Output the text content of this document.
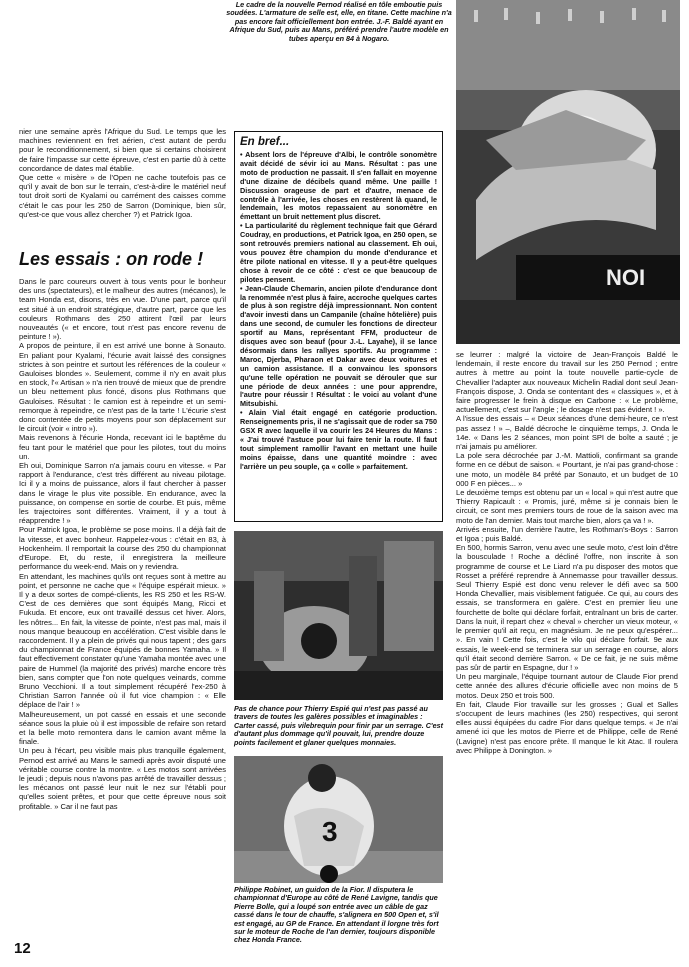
Le cadre de la nouvelle Pernod réalisé en tôle emboutie puis soudées. L'armature de selle est, elle, en titane. Cette machine n'a pas encore fait officiellement bon entrée. J.-F. Baldé ayant en Afrique du Sud, puis au Mans, préféré prendre l'autre modèle en tubes aperçu en 84 à Nogaro.
NOI

nier une semaine après l'Afrique du Sud. Le temps que les machines reviennent en fret aérien, c'est autant de perdu pour le reconditionnement, si bien que si certains choisirent de faire l'impasse sur cette épreuve, c'est en partie dû à cette concordance de dates mal établie.

Que cette « misère » de l'Open ne cache toutefois pas ce qu'il y avait de bon sur le terrain, c'est-à-dire le matériel neuf tout droit sorti de Kyalami ou carrément des caisses comme c'était le cas pour les 250 de Sarron (Dominique, bien sûr, qu'est-ce que vous allez chercher ?) et Patrick Igoa.

Les essais : on rode !

Dans le parc coureurs ouvert à tous vents pour le bonheur des uns (spectateurs), et le malheur des autres (mécanos), le team Honda est, disons, très en vue. D'une part, parce qu'il est situé à un endroit stratégique, d'autre part, parce que les couleurs Rothmans des 250 attirent l'œil par leurs nouveautés (« et encore, tout n'est pas encore revenu de peinture ! »).

A propos de peinture, il en est arrivé une bonne à Sonauto. En paliant pour Kyalami, l'écurie avait laissé des consignes strictes à son peintre et surtout les références de la couleur « Gauloises blondes ». Seulement, comme il n'y en avait plus en stock, l'« Artisan » n'a rien trouvé de mieux que de prendre un bleu nettement plus foncé, disons plus Rothmans que Gauloises. Résultat : le camion est à repeindre et un semi-remorque à repeindre, ce n'est pas de la tarte ! L'écurie s'est donc contentée de petits moyens pour son déplacement sur le circuit (voir « intro »).

Mais revenons à l'écurie Honda, recevant ici le baptême du feu tant pour le matériel que pour les pilotes, tout du moins un.

Eh oui, Dominique Sarron n'a jamais couru en vitesse. « Par rapport à l'endurance, c'est très différent au niveau pilotage. Ici il y a moins de puissance, alors il faut chercher à passer dans le virage le plus vite possible. En endurance, avec la puissance, on compense en sortie de courbe. Et puis, même les trajectoires sont différentes. Vraiment, il y a tout à réapprendre ! »

Pour Patrick Igoa, le problème se pose moins. Il a déjà fait de la vitesse, et avec bonheur. Rappelez-vous : c'était en 83, à Hockenheim. Il remportait la course des 250 du championnat d'Europe. Et, du reste, il enregistrera la meilleure performance du week-end. Mais on y reviendra.

En attendant, les machines qu'ils ont reçues sont à mettre au point, et personne ne cache que « l'équipe espérait mieux. » Il y a deux sortes de compé-clients, les RS 250 et les RS-W. C'est de ces dernières que sont équipés Mang, Ricci et Fukuda. Et encore, eux ont travaillé dessus cet hiver. Alors, les nôtres... En fait, la vitesse de pointe, n'est pas mal, mais il nous manque beaucoup en accélération. C'est visible dans le raccordement. Il y a plein de privés qui nous tapent ; des gars du championnat de France équipés de bonnes Yamaha. » Il faut effectivement constater qu'une Yamaha montée avec une paire de Hummel (la majorité des privés) marche encore très bien, sans compter que l'on note quelques veinards, comme Bruno Vecchioni. Il a tout simplement récupéré l'ex-250 à Christian Sarron l'année où il fut vice champion : « Elle déplace de l'air ! »

Malheureusement, un pot cassé en essais et une seconde séance sous la pluie où il est impossible de refaire son retard et la belle moto remontera dans le camion avant même la finale.

Un peu à l'écart, peu visible mais plus tranquille également, Pernod est arrivé au Mans le samedi après avoir disputé une véritable course contre la montre. « Les motos sont arrivées le jeudi ; depuis nous n'avons pas arrêté de travailler dessus ; les mécanos ont passé leur nuit le nez sur l'établi pour qu'elles soient prêtes, et pour que cette épreuve nous soit profitable. » Car il ne faut pas

En bref...

• Absent lors de l'épreuve d'Albi, le contrôle sonomètre avait décidé de sévir ici au Mans. Résultat : pas une moto de production ne passait. Il s'en fallait en moyenne d'une dizaine de décibels quand même. Une paille ! Discussion orageuse de part et d'autre, menace de contrôle à l'arrivée, les choses en restèrent là quand, le lendemain, les motos repassaient au sonomètre en émettant un bruit nettement plus discret.

• La particularité du règlement technique fait que Gérard Coudray, en productions, et Patrick Igoa, en 250 open, se sont retrouvés premiers national au classement. Eh oui, vous pouvez être champion du monde d'endurance et être pilote national en vitesse. Il y a peut-être quelques chose à revoir de ce côté : c'est ce que beaucoup de pilotes pensent.

• Jean-Claude Chemarin, ancien pilote d'endurance dont la renommée n'est plus à faire, accroche quelques cartes de plus à son registre déjà impressionnant. Non content d'avoir investi dans un Campanile (chaîne hôtelière) puis dans une second, de cumuler les fonctions de directeur sportif au Mans, représentant FFM, producteur de disques avec son beauf (pour J.-L. Layahe), il se lance désormais dans les rallyes sportifs. Au programme : Maroc, Djerba, Pharaon et Dakar avec deux voitures et un camion assistance. Il a convaincu les sponsors qu'une telle opération ne pouvait se dérouler que sur une période de deux années : une pour apprendre, l'autre pour réussir ! Résultat : le voici au volant d'une Mitsubishi.

• Alain Vial était engagé en catégorie production. Renseignements pris, il ne s'agissait que de roder sa 750 GSX R avec laquelle il va courir les 24 Heures du Mans : « J'ai trouvé l'astuce pour lui faire tenir la route. Il faut tout simplement ramollir l'avant en mettant une huile moins épaisse, dans une quantité moindre : avec l'arrière un peu souple, ça « colle » parfaitement.

Pas de chance pour Thierry Espié qui n'est pas passé au travers de toutes les galères possibles et imaginables : Carter cassé, puis vilebrequin pour finir par un serrage. C'est d'autant plus dommage qu'il pouvait, lui, prendre douze points facilement et glaner quelques monnaies.
3
Philippe Robinet, un guidon de la Fior. Il disputera le championnat d'Europe au côté de René Lavigne, tandis que Pierre Bolle, qui a loupé son entrée avec un câble de gaz cassé dans le tour de chauffe, s'alignera en 500 Open et, s'il est engagé, au GP de France. En attendant il lorgne très fort sur le moteur de Roche de l'an dernier, toujours disponible chez Honda France.

se leurrer : malgré la victoire de Jean-François Baldé le lendemain, il reste encore du travail sur les 250 Pernod ; entre autres à mettre au point la toute nouvelle partie-cycle de Chevallier l'adapter aux nouveaux Michelin Radial dont seul Jean-François dispose, J. Onda se contentant des « classiques », et à faire progresser le frein à disque en Carbone : « Le problème, actuellement, c'est sur l'angle ; le dosage n'est pas évident ! ».

A l'issue des essais – « Deux séances d'une demi-heure, ce n'est pas assez ! » –, Baldé décroche le cinquième temps, J. Onda le 14e. « Dans les 2 séances, mon point SPI de boîte a sauté ; je n'ai jamais pu améliorer.

La pole sera décrochée par J.-M. Mattioli, confirmant sa grande forme en ce début de saison. « Pourtant, je n'ai pas grand-chose : une moto, un modèle 84 prêté par Sonauto, et un budget de 10 000 F en pièces... »

Le deuxième temps est obtenu par un « local » qui n'est autre que Thierry Rapicault : « Promis, juré, même si je connais bien le circuit, ce sont mes premiers tours de roue de la saison avec ma moto de l'an dernier. Mais tout marche bien, alors ça va ! ».

Arrivés ensuite, l'un derrière l'autre, les Rothman's-Boys : Sarron et Igoa ; puis Baldé.

En 500, hormis Sarron, venu avec une seule moto, c'est loin d'être la bousculade ! Roche a décliné l'offre, non inscrite à son programme de course et Le Liard n'a pu disposer des motos que Rosset a préféré reprendre à Annemasse pour travailler dessus. Seul Thierry Espié est donc venu relever le défi avec sa 500 Honda Chevallier, mais visiblement fatiguée. Ce qui, au cours des essais, se transformera en galère. C'est en premier lieu une fourchette de boîte qui déclare forfait, entraînant un bris de carter. Dans la nuit, il repart chez « cheval » chercher un vieux moteur, « le premier qu'il ait reçu, en magnésium. Je ne peux qu'espérer... ». En vain ! Cette fois, c'est le vilo qui déclare forfait. 9e aux essais, le week-end se terminera sur un serrage en course, alors qu'il était second derrière Sarron. « De ce fait, je ne suis même pas sûr de partir en Espagne, dur ! »

Un peu marginale, l'équipe tournant autour de Claude Fior prend cette année des allures d'écurie officielle avec non moins de 5 motos. Deux 250 et trois 500.

En fait, Claude Fior travaille sur les grosses ; Gual et Salles s'occupent de leurs machines (les 250) respectives, qui seront elles aussi équipées du cadre Fior dans quelque temps. « Je n'ai amené ici que les motos de Pierre et de Philippe, celle de René (Lavigne) n'est pas encore prête. Il manque le kit Atac. Il roulera avec Philippe à Donington. »

12
